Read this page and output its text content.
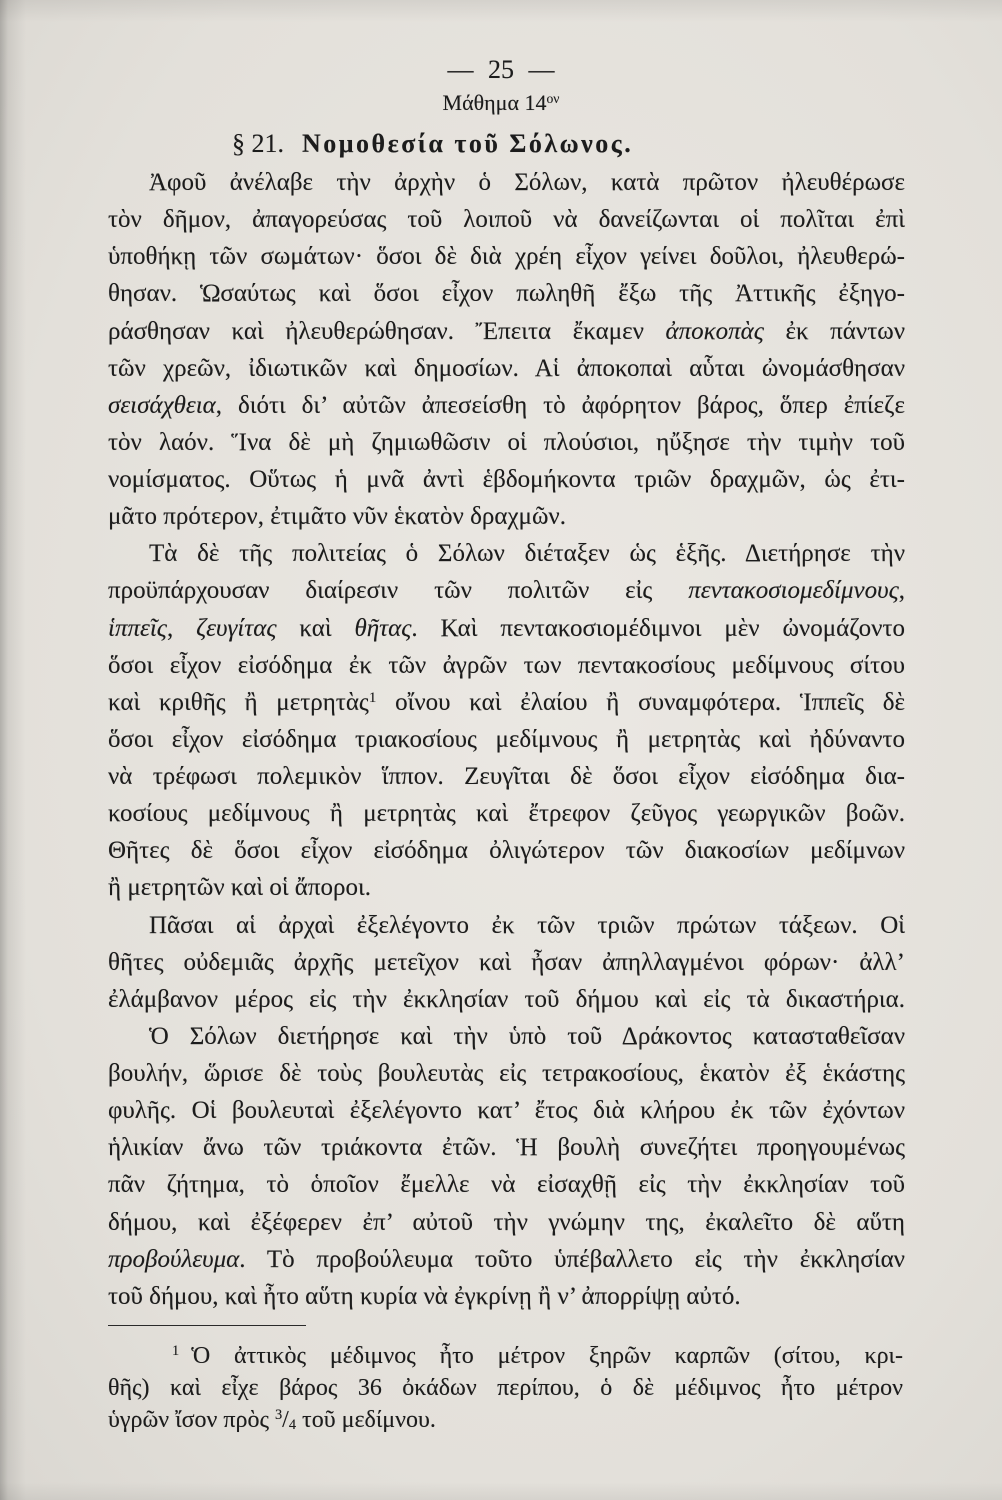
— 25 —
Μάθημα $14^{o\nu}$
§ 21. Νομοθεσία τοῦ Σόλωνος.
Ἀφοῦ ἀνέλαβε τὴν ἀρχὴν ὁ Σόλων, κατὰ πρῶτον ἠλευθέρωσε
τὸν δῆμον, ἀπαγορεύσας τοῦ λοιποῦ νὰ δανείζωνται οἱ πολῖται ἐπὶ
ὑποθήκῃ τῶν σωμάτων· ὅσοι δὲ διὰ χρέη εἶχον γείνει δοῦλοι, ἠλευθερώ-
θησαν. Ὡσαύτως καὶ ὅσοι εἶχον πωληθῆ ἔξω τῆς Ἀττικῆς ἐξηγο-
ράσθησαν καὶ ἠλευθερώθησαν. Ἔπειτα ἔκαμεν ἀποκοπὰς ἐκ πάντων
τῶν χρεῶν, ἰδιωτικῶν καὶ δημοσίων. Αἱ ἀποκοπαὶ αὗται ὠνομάσθησαν
σεισάχθεια, διότι δι’ αὐτῶν ἀπεσείσθη τὸ ἀφόρητον βάρος, ὅπερ ἐπίεζε
τὸν λαόν. Ἵνα δὲ μὴ ζημιωθῶσιν οἱ πλούσιοι, ηὔξησε τὴν τιμὴν τοῦ
νομίσματος. Οὕτως ἡ μνᾶ ἀντὶ ἑβδομήκοντα τριῶν δραχμῶν, ὡς ἐτι-
μᾶτο πρότερον, ἐτιμᾶτο νῦν ἑκατὸν δραχμῶν.
Τὰ δὲ τῆς πολιτείας ὁ Σόλων διέταξεν ὡς ἑξῆς. Διετήρησε τὴν
προϋπάρχουσαν διαίρεσιν τῶν πολιτῶν εἰς πεντακοσιομεδίμνους,
ἱππεῖς, ζευγίτας καὶ θῆτας. Καὶ πεντακοσιομέδιμνοι μὲν ὠνομάζοντο
ὅσοι εἶχον εἰσόδημα ἐκ τῶν ἀγρῶν των πεντακοσίους μεδίμνους σίτου
καὶ κριθῆς ἢ μετρητὰς$^1$ οἴνου καὶ ἐλαίου ἢ συναμφότερα. Ἱππεῖς δὲ
ὅσοι εἶχον εἰσόδημα τριακοσίους μεδίμνους ἢ μετρητὰς καὶ ἠδύναντο
νὰ τρέφωσι πολεμικὸν ἵππον. Ζευγῖται δὲ ὅσοι εἶχον εἰσόδημα δια-
κοσίους μεδίμνους ἢ μετρητὰς καὶ ἔτρεφον ζεῦγος γεωργικῶν βοῶν.
Θῆτες δὲ ὅσοι εἶχον εἰσόδημα ὀλιγώτερον τῶν διακοσίων μεδίμνων
ἢ μετρητῶν καὶ οἱ ἄποροι.
Πᾶσαι αἱ ἀρχαὶ ἐξελέγοντο ἐκ τῶν τριῶν πρώτων τάξεων. Οἱ
θῆτες οὐδεμιᾶς ἀρχῆς μετεῖχον καὶ ἦσαν ἀπηλλαγμένοι φόρων· ἀλλ’
ἐλάμβανον μέρος εἰς τὴν ἐκκλησίαν τοῦ δήμου καὶ εἰς τὰ δικαστήρια.
Ὁ Σόλων διετήρησε καὶ τὴν ὑπὸ τοῦ Δράκοντος κατασταθεῖσαν
βουλήν, ὥρισε δὲ τοὺς βουλευτὰς εἰς τετρακοσίους, ἑκατὸν ἐξ ἑκάστης
φυλῆς. Οἱ βουλευταὶ ἐξελέγοντο κατ’ ἔτος διὰ κλήρου ἐκ τῶν ἐχόντων
ἡλικίαν ἄνω τῶν τριάκοντα ἐτῶν. Ἡ βουλὴ συνεζήτει προηγουμένως
πᾶν ζήτημα, τὸ ὁποῖον ἔμελλε νὰ εἰσαχθῇ εἰς τὴν ἐκκλησίαν τοῦ
δήμου, καὶ ἐξέφερεν ἐπ’ αὐτοῦ τὴν γνώμην της, ἐκαλεῖτο δὲ αὕτη
προβούλευμα. Τὸ προβούλευμα τοῦτο ὑπέβαλλετο εἰς τὴν ἐκκλησίαν
τοῦ δήμου, καὶ ἦτο αὕτη κυρία νὰ ἐγκρίνῃ ἢ ν’ ἀπορρίψῃ αὐτό.
$^1$ Ὁ ἀττικὸς μέδιμνος ἦτο μέτρον ξηρῶν καρπῶν (σίτου, κρι-
θῆς) καὶ εἶχε βάρος 36 ὀκάδων περίπου, ὁ δὲ μέδιμνος ἦτο μέτρον
ὑγρῶν ἴσον πρὸς $^3$/4 τοῦ μεδίμνου.
